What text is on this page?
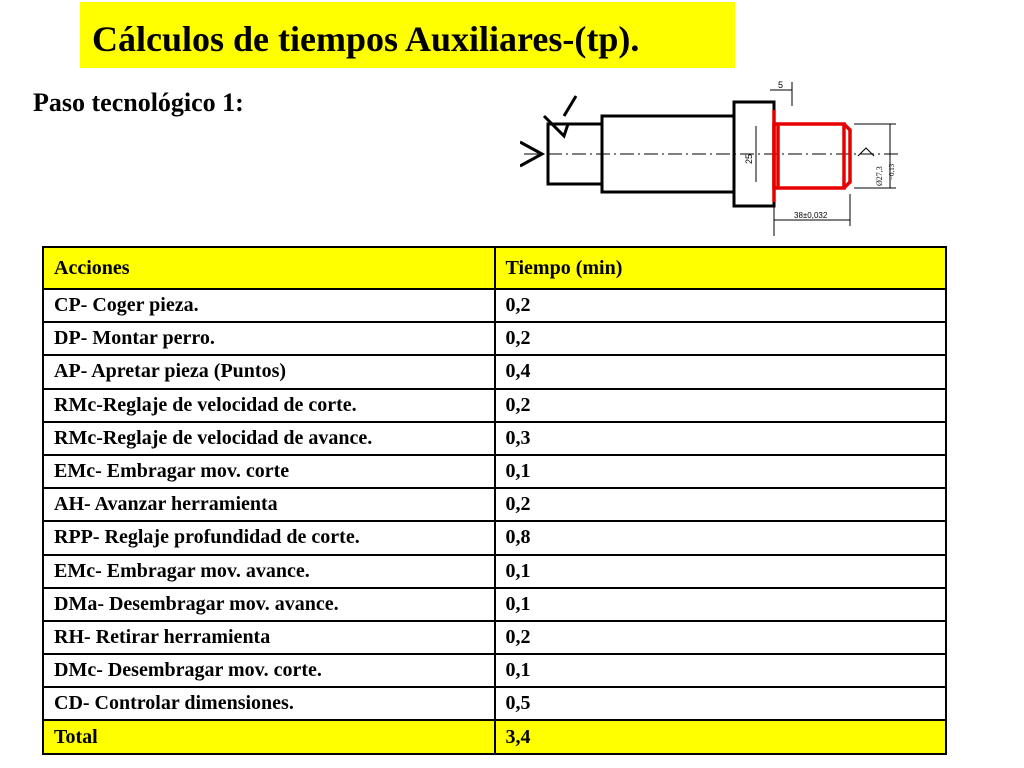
Cálculos de tiempos Auxiliares-(tp).
Paso tecnológico 1:
5
25
Ø27,3 −0,13
38±0,032
Acciones	Tiempo (min)
CP- Coger pieza.	0,2
DP- Montar perro.	0,2
AP- Apretar pieza (Puntos)	0,4
RMc-Reglaje de velocidad de corte.	0,2
RMc-Reglaje de velocidad de avance.	0,3
EMc- Embragar mov. corte	0,1
AH- Avanzar herramienta	0,2
RPP- Reglaje profundidad de corte.	0,8
EMc- Embragar mov. avance.	0,1
DMa- Desembragar mov. avance.	0,1
RH- Retirar herramienta	0,2
DMc- Desembragar mov. corte.	0,1
CD- Controlar dimensiones.	0,5
Total	3,4
